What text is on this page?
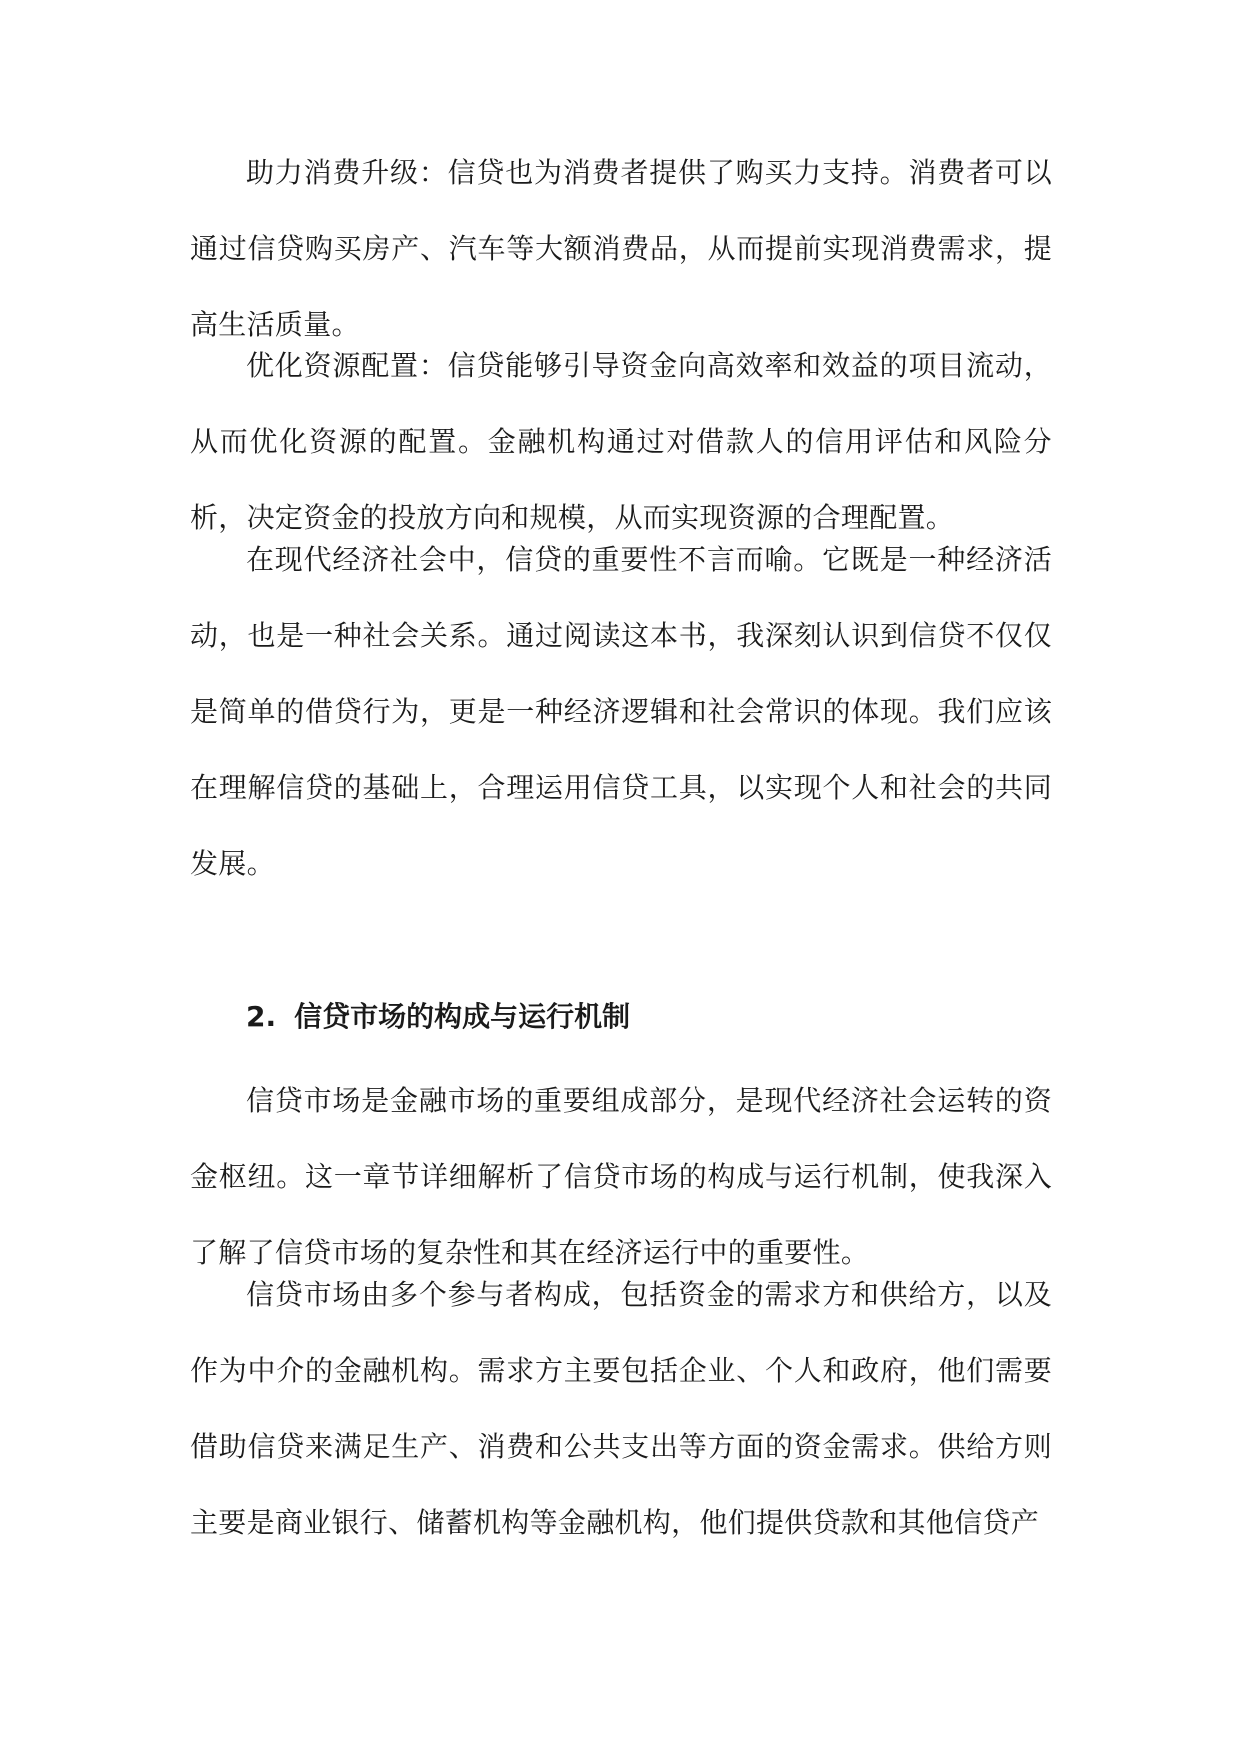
助力消费升级：信贷也为消费者提供了购买力支持。消费者可以通过信贷购买房产、汽车等大额消费品，从而提前实现消费需求，提高生活质量。

优化资源配置：信贷能够引导资金向高效率和效益的项目流动，从而优化资源的配置。金融机构通过对借款人的信用评估和风险分析，决定资金的投放方向和规模，从而实现资源的合理配置。

在现代经济社会中，信贷的重要性不言而喻。它既是一种经济活动，也是一种社会关系。通过阅读这本书，我深刻认识到信贷不仅仅是简单的借贷行为，更是一种经济逻辑和社会常识的体现。我们应该在理解信贷的基础上，合理运用信贷工具，以实现个人和社会的共同发展。

2. 信贷市场的构成与运行机制

信贷市场是金融市场的重要组成部分，是现代经济社会运转的资金枢纽。这一章节详细解析了信贷市场的构成与运行机制，使我深入了解了信贷市场的复杂性和其在经济运行中的重要性。

信贷市场由多个参与者构成，包括资金的需求方和供给方，以及作为中介的金融机构。需求方主要包括企业、个人和政府，他们需要借助信贷来满足生产、消费和公共支出等方面的资金需求。供给方则主要是商业银行、储蓄机构等金融机构，他们提供贷款和其他信贷产
